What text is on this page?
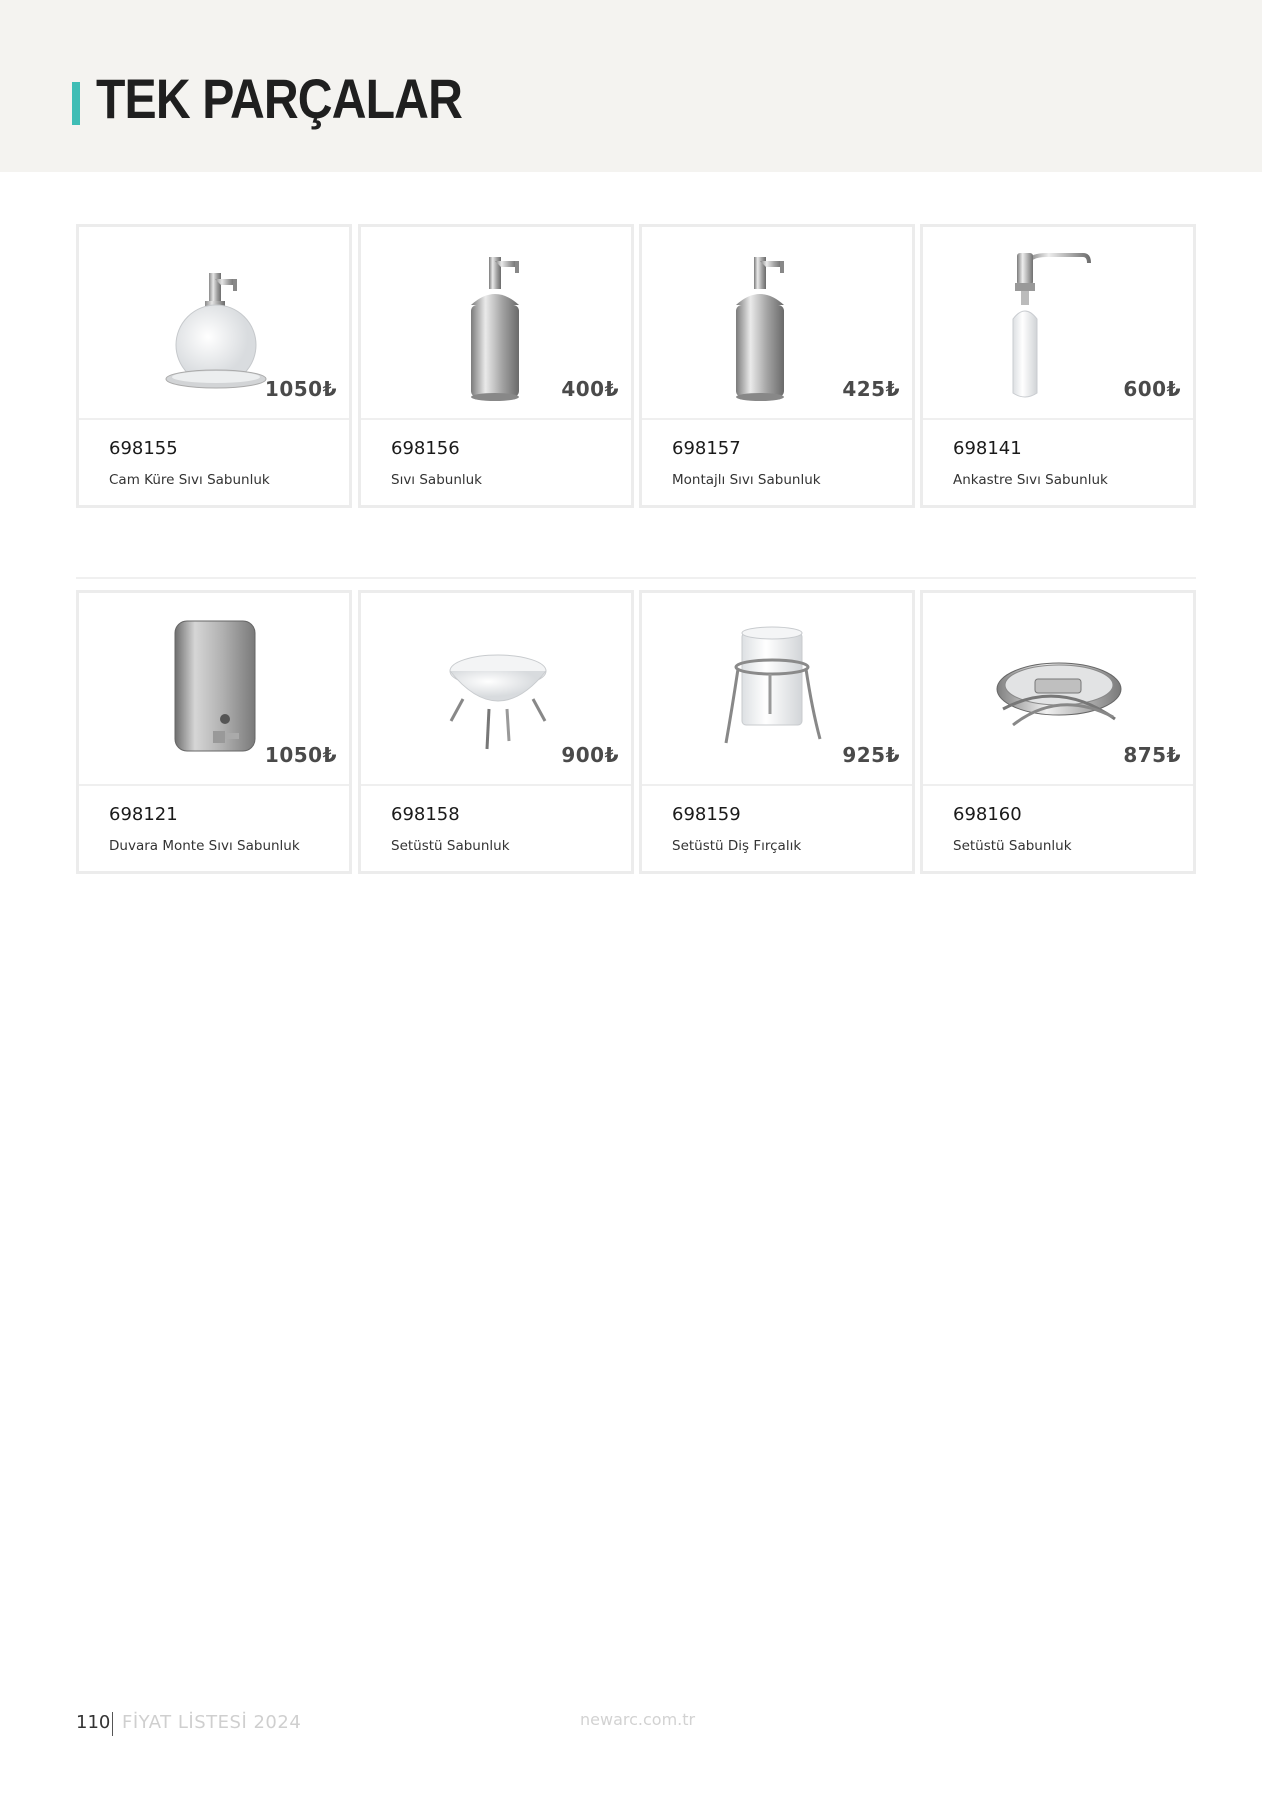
TEK PARÇALAR
1050₺
698155
Cam Küre Sıvı Sabunluk
400₺
698156
Sıvı Sabunluk
425₺
698157
Montajlı Sıvı Sabunluk
600₺
698141
Ankastre Sıvı Sabunluk
1050₺
698121
Duvara Monte Sıvı Sabunluk
900₺
698158
Setüstü Sabunluk
925₺
698159
Setüstü Diş Fırçalık
875₺
698160
Setüstü Sabunluk
110 FİYAT LİSTESİ 2024	newarc.com.tr
